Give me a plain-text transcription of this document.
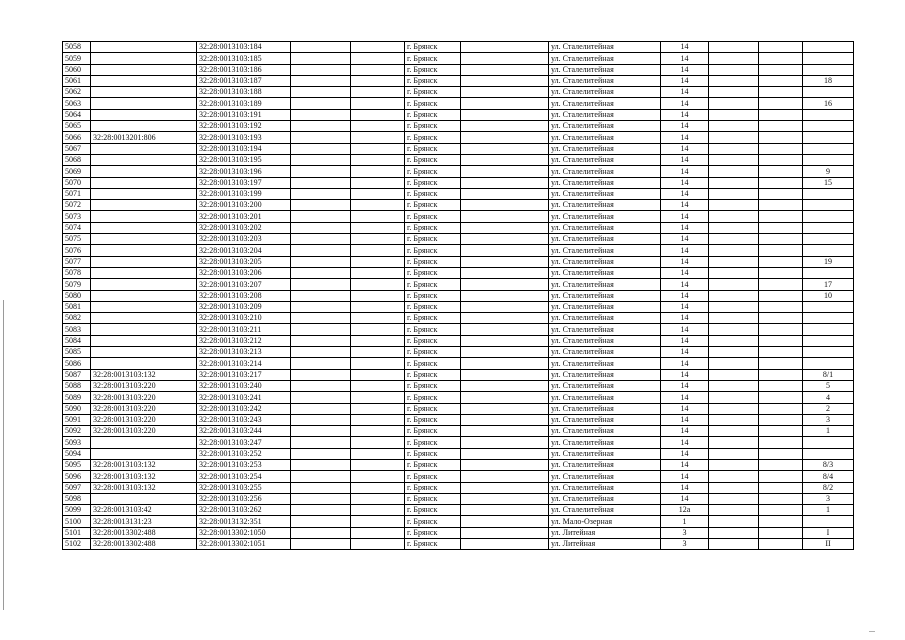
5058		32:28:0013103:184			г. Брянск		ул. Сталелитейная	14			
5059		32:28:0013103:185			г. Брянск		ул. Сталелитейная	14			
5060		32:28:0013103:186			г. Брянск		ул. Сталелитейная	14			
5061		32:28:0013103:187			г. Брянск		ул. Сталелитейная	14			18
5062		32:28:0013103:188			г. Брянск		ул. Сталелитейная	14			
5063		32:28:0013103:189			г. Брянск		ул. Сталелитейная	14			16
5064		32:28:0013103:191			г. Брянск		ул. Сталелитейная	14			
5065		32:28:0013103:192			г. Брянск		ул. Сталелитейная	14			
5066	32:28:0013201:806	32:28:0013103:193			г. Брянск		ул. Сталелитейная	14			
5067		32:28:0013103:194			г. Брянск		ул. Сталелитейная	14			
5068		32:28:0013103:195			г. Брянск		ул. Сталелитейная	14			
5069		32:28:0013103:196			г. Брянск		ул. Сталелитейная	14			9
5070		32:28:0013103:197			г. Брянск		ул. Сталелитейная	14			15
5071		32:28:0013103:199			г. Брянск		ул. Сталелитейная	14			
5072		32:28:0013103:200			г. Брянск		ул. Сталелитейная	14			
5073		32:28:0013103:201			г. Брянск		ул. Сталелитейная	14			
5074		32:28:0013103:202			г. Брянск		ул. Сталелитейная	14			
5075		32:28:0013103:203			г. Брянск		ул. Сталелитейная	14			
5076		32:28:0013103:204			г. Брянск		ул. Сталелитейная	14			
5077		32:28:0013103:205			г. Брянск		ул. Сталелитейная	14			19
5078		32:28:0013103:206			г. Брянск		ул. Сталелитейная	14			
5079		32:28:0013103:207			г. Брянск		ул. Сталелитейная	14			17
5080		32:28:0013103:208			г. Брянск		ул. Сталелитейная	14			10
5081		32:28:0013103:209			г. Брянск		ул. Сталелитейная	14			
5082		32:28:0013103:210			г. Брянск		ул. Сталелитейная	14			
5083		32:28:0013103:211			г. Брянск		ул. Сталелитейная	14			
5084		32:28:0013103:212			г. Брянск		ул. Сталелитейная	14			
5085		32:28:0013103:213			г. Брянск		ул. Сталелитейная	14			
5086		32:28:0013103:214			г. Брянск		ул. Сталелитейная	14			
5087	32:28:0013103:132	32:28:0013103:217			г. Брянск		ул. Сталелитейная	14			8/1
5088	32:28:0013103:220	32:28:0013103:240			г. Брянск		ул. Сталелитейная	14			5
5089	32:28:0013103:220	32:28:0013103:241			г. Брянск		ул. Сталелитейная	14			4
5090	32:28:0013103:220	32:28:0013103:242			г. Брянск		ул. Сталелитейная	14			2
5091	32:28:0013103:220	32:28:0013103:243			г. Брянск		ул. Сталелитейная	14			3
5092	32:28:0013103:220	32:28:0013103:244			г. Брянск		ул. Сталелитейная	14			1
5093		32:28:0013103:247			г. Брянск		ул. Сталелитейная	14			
5094		32:28:0013103:252			г. Брянск		ул. Сталелитейная	14			
5095	32:28:0013103:132	32:28:0013103:253			г. Брянск		ул. Сталелитейная	14			8/3
5096	32:28:0013103:132	32:28:0013103:254			г. Брянск		ул. Сталелитейная	14			8/4
5097	32:28:0013103:132	32:28:0013103:255			г. Брянск		ул. Сталелитейная	14			8/2
5098		32:28:0013103:256			г. Брянск		ул. Сталелитейная	14			3
5099	32:28:0013103:42	32:28:0013103:262			г. Брянск		ул. Сталелитейная	12а			1
5100	32:28:0013131:23	32:28:0013132:351			г. Брянск		ул. Мало-Озерная	1			
5101	32:28:0013302:488	32:28:0013302:1050			г. Брянск		ул. Литейная	3			I
5102	32:28:0013302:488	32:28:0013302:1051			г. Брянск		ул. Литейная	3			II
